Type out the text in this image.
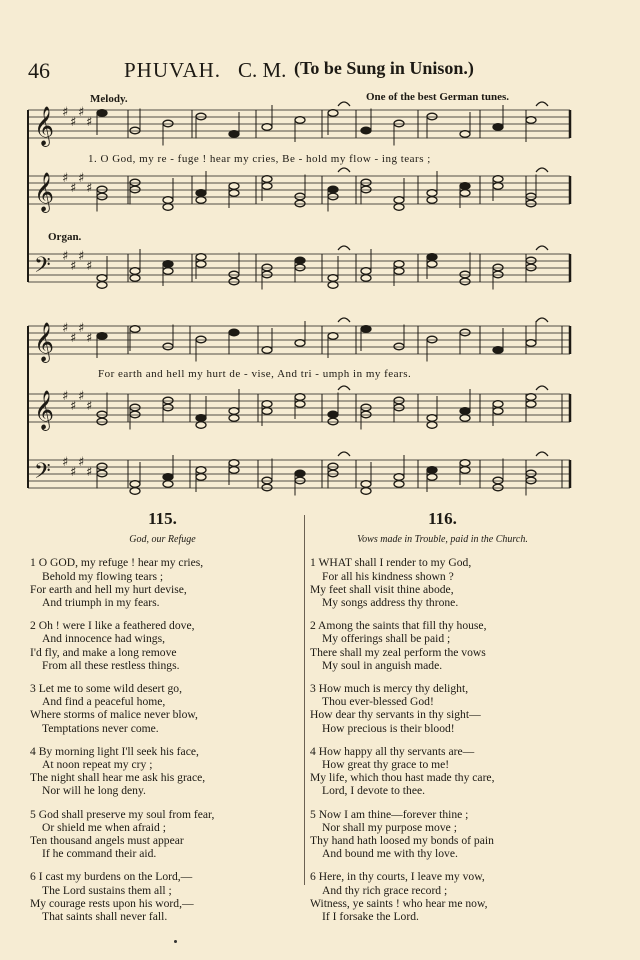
46	PHUVAH. C. M. (To be Sung in Unison.)
Melody.	One of the best German tunes.
Organ.
1. O God, my re - fuge ! hear my cries, Be - hold my flow - ing tears ;
For earth and hell my hurt de - vise, And tri - umph in my fears.
𝄞 ♯
♯
♯
♯
𝄞 ♯
♯
♯
♯
𝄢 ♯
♯
♯
♯
𝄞 ♯
♯
♯
♯
𝄞 ♯
♯
♯
♯
𝄢 ♯
♯
♯
♯
115.
God, our Refuge
1 O GOD, my refuge ! hear my cries,
Behold my flowing tears ;
For earth and hell my hurt devise,
And triumph in my fears.
2 Oh ! were I like a feathered dove,
And innocence had wings,
I'd fly, and make a long remove
From all these restless things.
3 Let me to some wild desert go,
And find a peaceful home,
Where storms of malice never blow,
Temptations never come.
4 By morning light I'll seek his face,
At noon repeat my cry ;
The night shall hear me ask his grace,
Nor will he long deny.
5 God shall preserve my soul from fear,
Or shield me when afraid ;
Ten thousand angels must appear
If he command their aid.
6 I cast my burdens on the Lord,—
The Lord sustains them all ;
My courage rests upon his word,—
That saints shall never fall.
116.
Vows made in Trouble, paid in the Church.
1 WHAT shall I render to my God,
For all his kindness shown ?
My feet shall visit thine abode,
My songs address thy throne.
2 Among the saints that fill thy house,
My offerings shall be paid ;
There shall my zeal perform the vows
My soul in anguish made.
3 How much is mercy thy delight,
Thou ever-blessed God!
How dear thy servants in thy sight—
How precious is their blood!
4 How happy all thy servants are—
How great thy grace to me!
My life, which thou hast made thy care,
Lord, I devote to thee.
5 Now I am thine—forever thine ;
Nor shall my purpose move ;
Thy hand hath loosed my bonds of pain
And bound me with thy love.
6 Here, in thy courts, I leave my vow,
And thy rich grace record ;
Witness, ye saints ! who hear me now,
If I forsake the Lord.
